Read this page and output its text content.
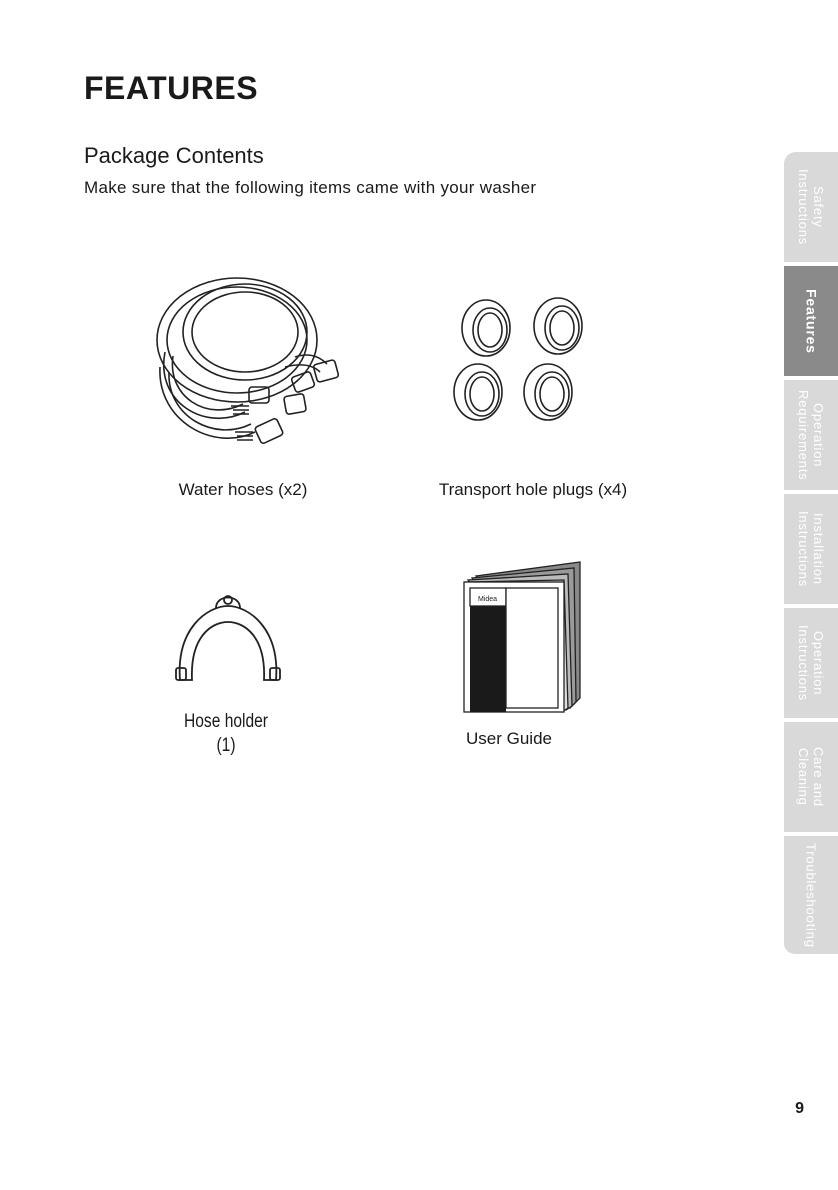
FEATURES
Package Contents
Make sure that the following items came with your washer
Water hoses (x2)	Transport hole plugs (x4)
Hose holder
(1)
Midea
User Guide
Safety
Instructions
Features
Operation
Requirements
Installation
Instructions
Operation
Instructions
Care and
Cleaning
Troubleshooting
9
